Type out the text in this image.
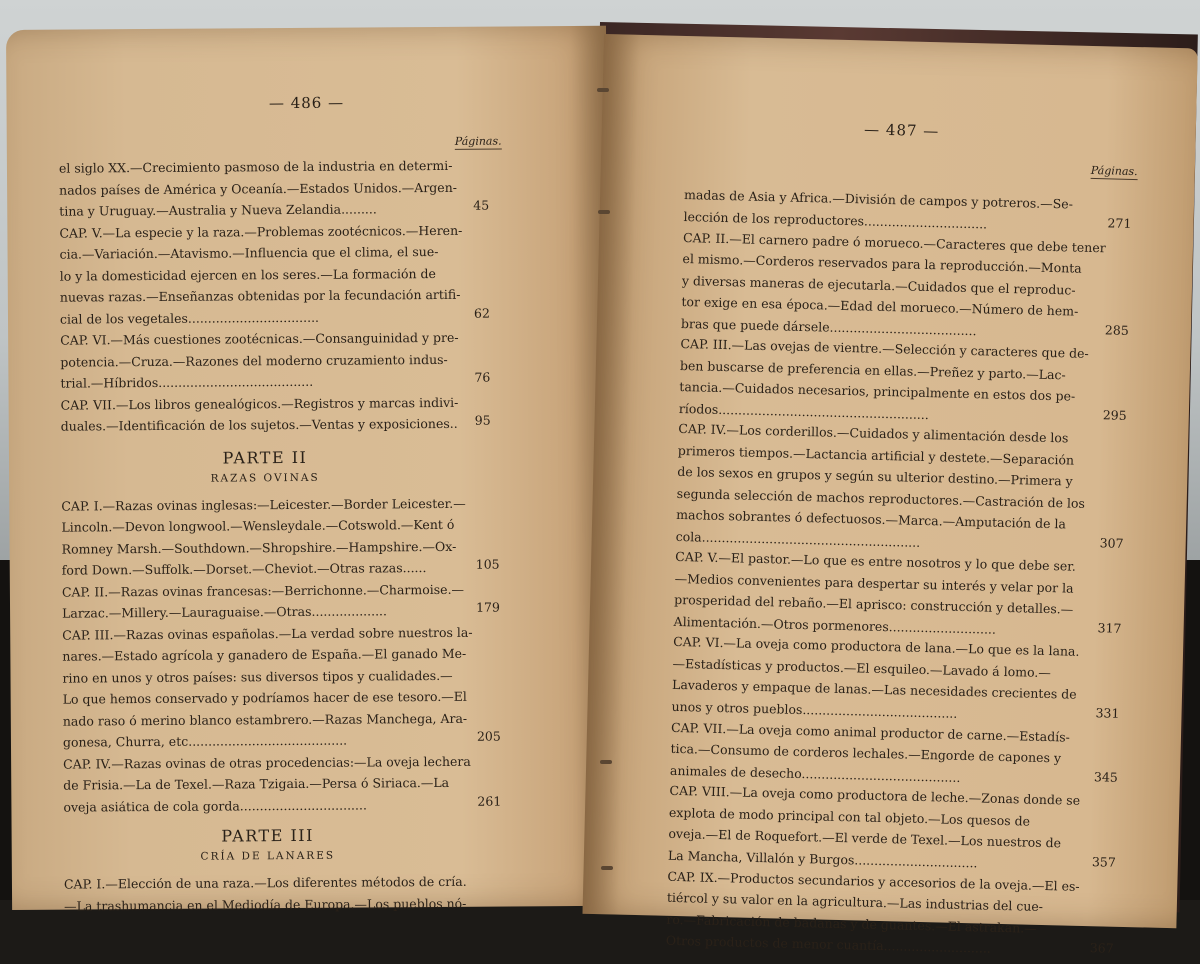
— 486 —
Páginas.
el siglo XX.—Crecimiento pasmoso de la industria en determi-
nados países de América y Oceanía.—Estados Unidos.—Argen-
tina y Uruguay.—Australia y Nueva Zelandia.........	45
CAP. V.—La especie y la raza.—Problemas zootécnicos.—Heren-
cia.—Variación.—Atavismo.—Influencia que el clima, el sue-
lo y la domesticidad ejercen en los seres.—La formación de
nuevas razas.—Enseñanzas obtenidas por la fecundación artifi-
cial de los vegetales.................................	62
CAP. VI.—Más cuestiones zootécnicas.—Consanguinidad y pre-
potencia.—Cruza.—Razones del moderno cruzamiento indus-
trial.—Híbridos.......................................	76
CAP. VII.—Los libros genealógicos.—Registros y marcas indivi-
duales.—Identificación de los sujetos.—Ventas y exposiciones..	95
PARTE II
RAZAS OVINAS
CAP. I.—Razas ovinas inglesas:—Leicester.—Border Leicester.—
Lincoln.—Devon longwool.—Wensleydale.—Cotswold.—Kent ó
Romney Marsh.—Southdown.—Shropshire.—Hampshire.—Ox-
ford Down.—Suffolk.—Dorset.—Cheviot.—Otras razas......	105
CAP. II.—Razas ovinas francesas:—Berrichonne.—Charmoise.—
Larzac.—Millery.—Lauraguaise.—Otras...................	179
CAP. III.—Razas ovinas españolas.—La verdad sobre nuestros la-
nares.—Estado agrícola y ganadero de España.—El ganado Me-
rino en unos y otros países: sus diversos tipos y cualidades.—
Lo que hemos conservado y podríamos hacer de ese tesoro.—El
nado raso ó merino blanco estambrero.—Razas Manchega, Ara-
gonesa, Churra, etc........................................	205
CAP. IV.—Razas ovinas de otras procedencias:—La oveja lechera
de Frisia.—La de Texel.—Raza Tzigaia.—Persa ó Siriaca.—La
oveja asiática de cola gorda................................	261
PARTE III
CRÍA DE LANARES
CAP. I.—Elección de una raza.—Los diferentes métodos de cría.
—La trashumancia en el Mediodía de Europa.—Los pueblos nó-
— 487 —
Páginas.
madas de Asia y Africa.—División de campos y potreros.—Se-
lección de los reproductores...............................	271
CAP. II.—El carnero padre ó morueco.—Caracteres que debe tener
el mismo.—Corderos reservados para la reproducción.—Monta
y diversas maneras de ejecutarla.—Cuidados que el reproduc-
tor exige en esa época.—Edad del morueco.—Número de hem-
bras que puede dársele.....................................	285
CAP. III.—Las ovejas de vientre.—Selección y caracteres que de-
ben buscarse de preferencia en ellas.—Preñez y parto.—Lac-
tancia.—Cuidados necesarios, principalmente en estos dos pe-
ríodos.....................................................	295
CAP. IV.—Los corderillos.—Cuidados y alimentación desde los
primeros tiempos.—Lactancia artificial y destete.—Separación
de los sexos en grupos y según su ulterior destino.—Primera y
segunda selección de machos reproductores.—Castración de los
machos sobrantes ó defectuosos.—Marca.—Amputación de la
cola.......................................................	307
CAP. V.—El pastor.—Lo que es entre nosotros y lo que debe ser.
—Medios convenientes para despertar su interés y velar por la
prosperidad del rebaño.—El aprisco: construcción y detalles.—
Alimentación.—Otros pormenores...........................	317
CAP. VI.—La oveja como productora de lana.—Lo que es la lana.
—Estadísticas y productos.—El esquileo.—Lavado á lomo.—
Lavaderos y empaque de lanas.—Las necesidades crecientes de
unos y otros pueblos.......................................	331
CAP. VII.—La oveja como animal productor de carne.—Estadís-
tica.—Consumo de corderos lechales.—Engorde de capones y
animales de desecho........................................	345
CAP. VIII.—La oveja como productora de leche.—Zonas donde se
explota de modo principal con tal objeto.—Los quesos de
oveja.—El de Roquefort.—El verde de Texel.—Los nuestros de
La Mancha, Villalón y Burgos...............................	357
CAP. IX.—Productos secundarios y accesorios de la oveja.—El es-
tiércol y su valor en la agricultura.—Las industrias del cue-
ro.—Fabricación de badanas y de guantes.—El astrakan.—
Otros productos de menor cuantía...........................	367
